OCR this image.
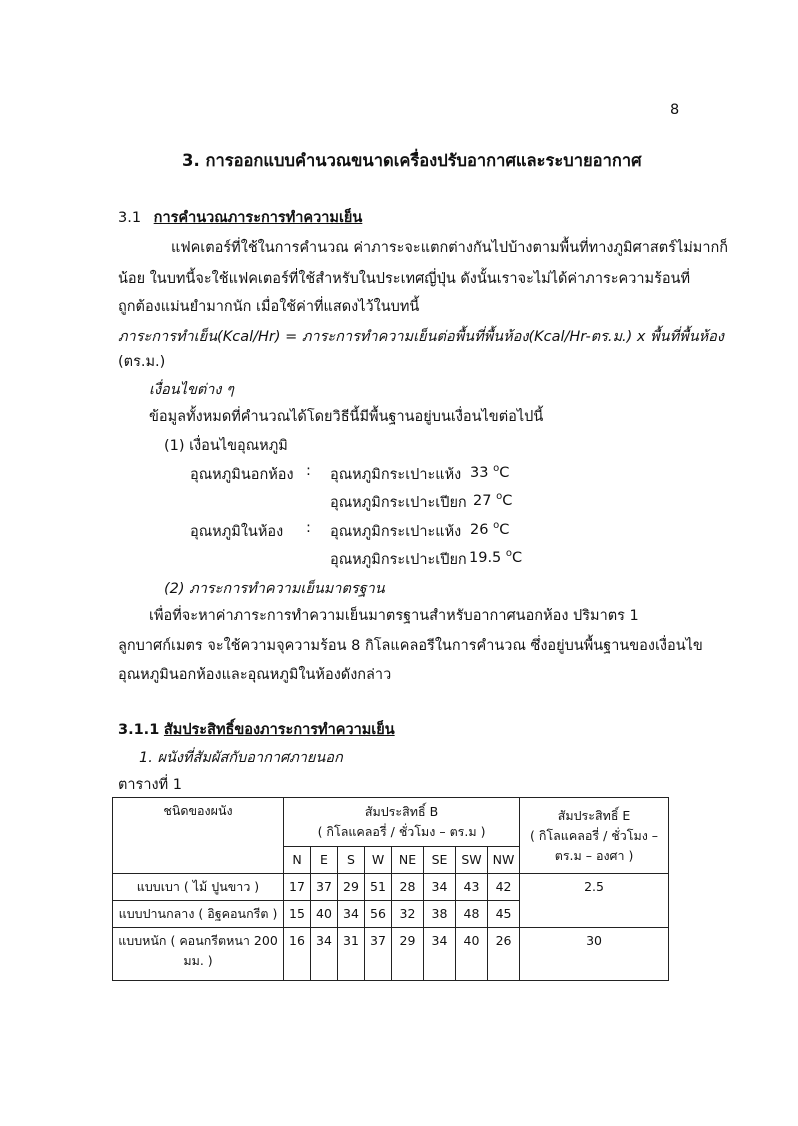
8
3. การออกแบบคำนวณขนาดเครื่องปรับอากาศและระบายอากาศ
3.1 การคำนวณภาระการทำความเย็น
แฟคเตอร์ที่ใช้ในการคำนวณ ค่าภาระจะแตกต่างกันไปบ้างตามพื้นที่ทางภูมิศาสตร์ไม่มากก็
น้อย ในบทนี้จะใช้แฟคเตอร์ที่ใช้สำหรับในประเทศญี่ปุ่น ดังนั้นเราจะไม่ได้ค่าภาระความร้อนที่
ถูกต้องแม่นยำมากนัก เมื่อใช้ค่าที่แสดงไว้ในบทนี้
ภาระการทำเย็น(Kcal/Hr) = ภาระการทำความเย็นต่อพื้นที่พื้นห้อง(Kcal/Hr-ตร.ม.) x พื้นที่พื้นห้อง
(ตร.ม.)
เงื่อนไขต่าง ๆ
ข้อมูลทั้งหมดที่คำนวณได้โดยวิธีนี้มีพื้นฐานอยู่บนเงื่อนไขต่อไปนี้
(1) เงื่อนไขอุณหภูมิ
อุณหภูมินอกห้อง : อุณหภูมิกระเปาะแห้ง 33 $^o$C
อุณหภูมิกระเปาะเปียก 27 $^o$C
อุณหภูมิในห้อง : อุณหภูมิกระเปาะแห้ง 26 $^o$C
อุณหภูมิกระเปาะเปียก 19.5 $^o$C
(2) ภาระการทำความเย็นมาตรฐาน
เพื่อที่จะหาค่าภาระการทำความเย็นมาตรฐานสำหรับอากาศนอกห้อง ปริมาตร 1
ลูกบาศก์เมตร จะใช้ความจุความร้อน 8 กิโลแคลอรีในการคำนวณ ซึ่งอยู่บนพื้นฐานของเงื่อนไข
อุณหภูมินอกห้องและอุณหภูมิในห้องดังกล่าว
3.1.1 สัมประสิทธิ์ของภาระการทำความเย็น
1. ผนังที่สัมผัสกับอากาศภายนอก
ตารางที่ 1
ชนิดของผนัง	สัมประสิทธิ์ B
( กิโลแคลอรี่ / ชั่วโมง – ตร.ม )								สัมประสิทธิ์ E
( กิโลแคลอรี่ / ชั่วโมง –
ตร.ม – องศา )

	N	E	S	W	NE	SE	SW	NW	
แบบเบา ( ไม้ ปูนขาว )	17	37	29	51	28	34	43	42	2.5
แบบปานกลาง ( อิฐคอนกรีต )	15	40	34	56	32	38	48	45	

แบบหนัก ( คอนกรีตหนา 200
มม. )	16	34	31	37	29	34	40	26	30
